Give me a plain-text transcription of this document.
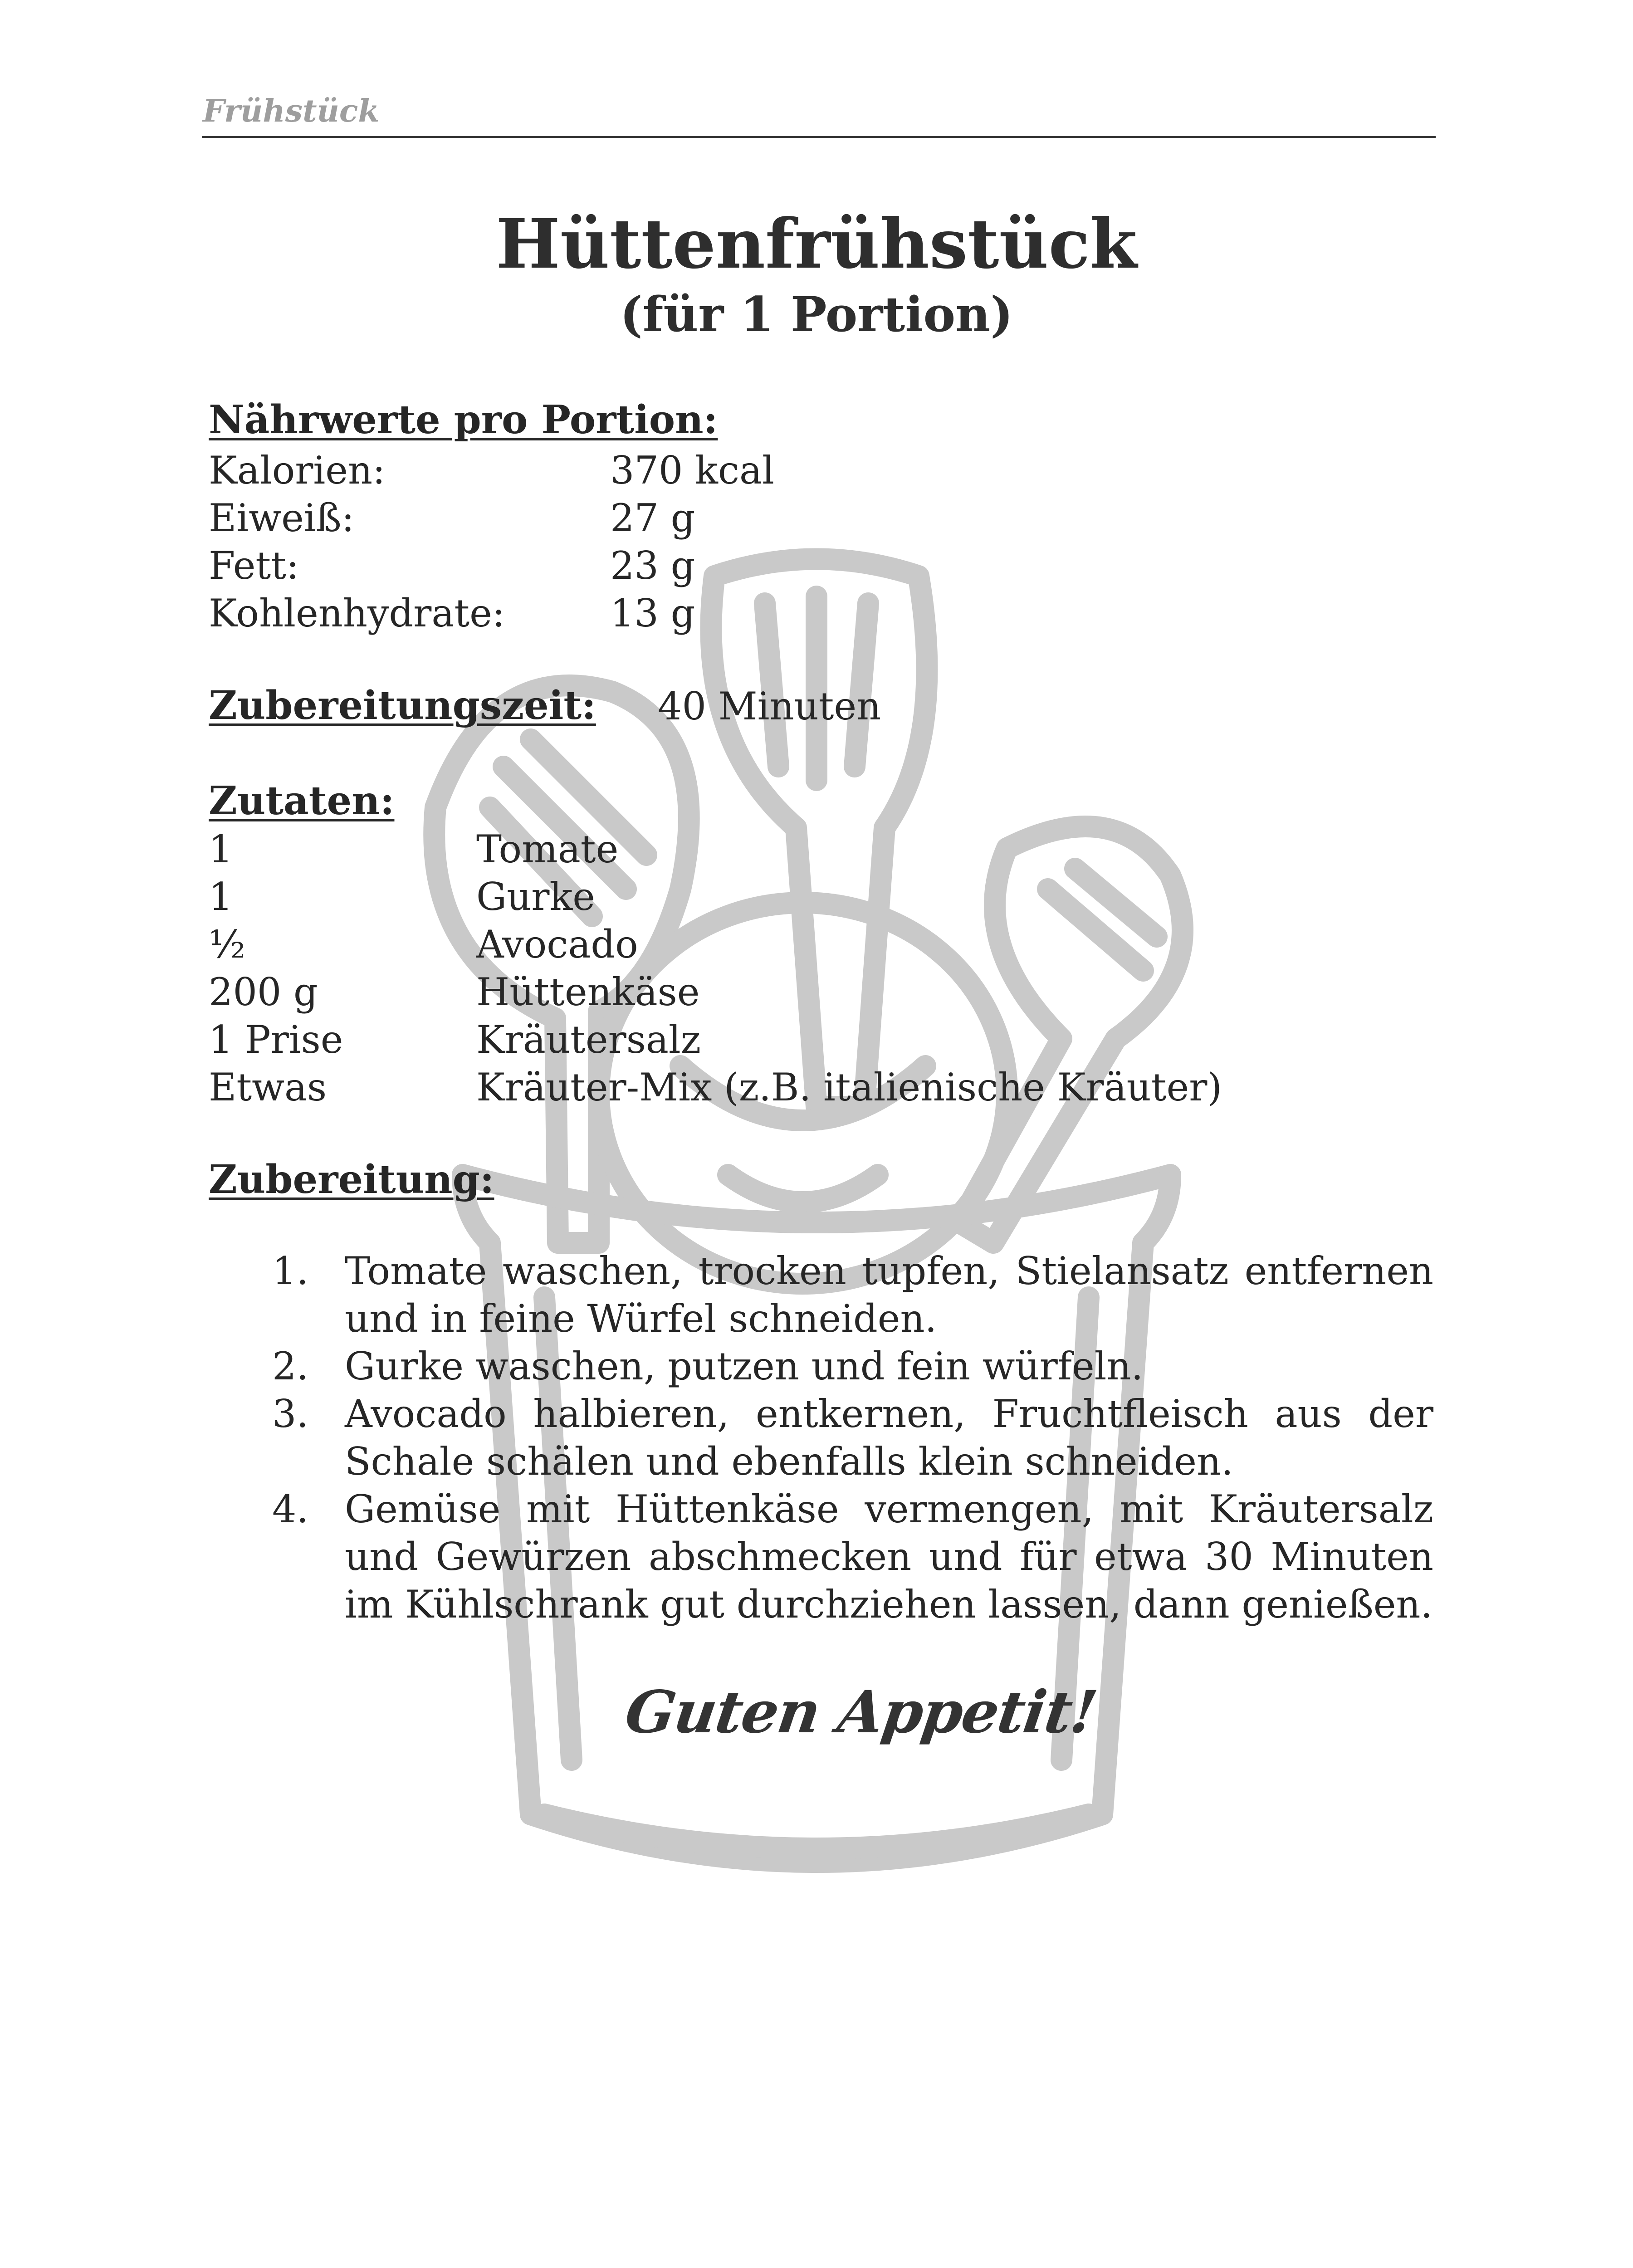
Frühstück
Hüttenfrühstück
(für 1 Portion)
Nährwerte pro Portion:
Kalorien:	370 kcal
Eiweiß:	27 g
Fett:	23 g
Kohlenhydrate:	13 g
Zubereitungszeit: 40 Minuten
Zutaten:
1	Tomate
1	Gurke
½	Avocado
200 g	Hüttenkäse
1 Prise	Kräutersalz
Etwas	Kräuter-Mix (z.B. italienische Kräuter)
Zubereitung:
1. Tomate waschen, trocken tupfen, Stielansatz entfernen und in feine Würfel schneiden.
2. Gurke waschen, putzen und fein würfeln.
3. Avocado halbieren, entkernen, Fruchtfleisch aus der Schale schälen und ebenfalls klein schneiden.
4. Gemüse mit Hüttenkäse vermengen, mit Kräutersalz und Gewürzen abschmecken und für etwa 30 Minuten im Kühlschrank gut durchziehen lassen, dann genießen.
Guten Appetit!
